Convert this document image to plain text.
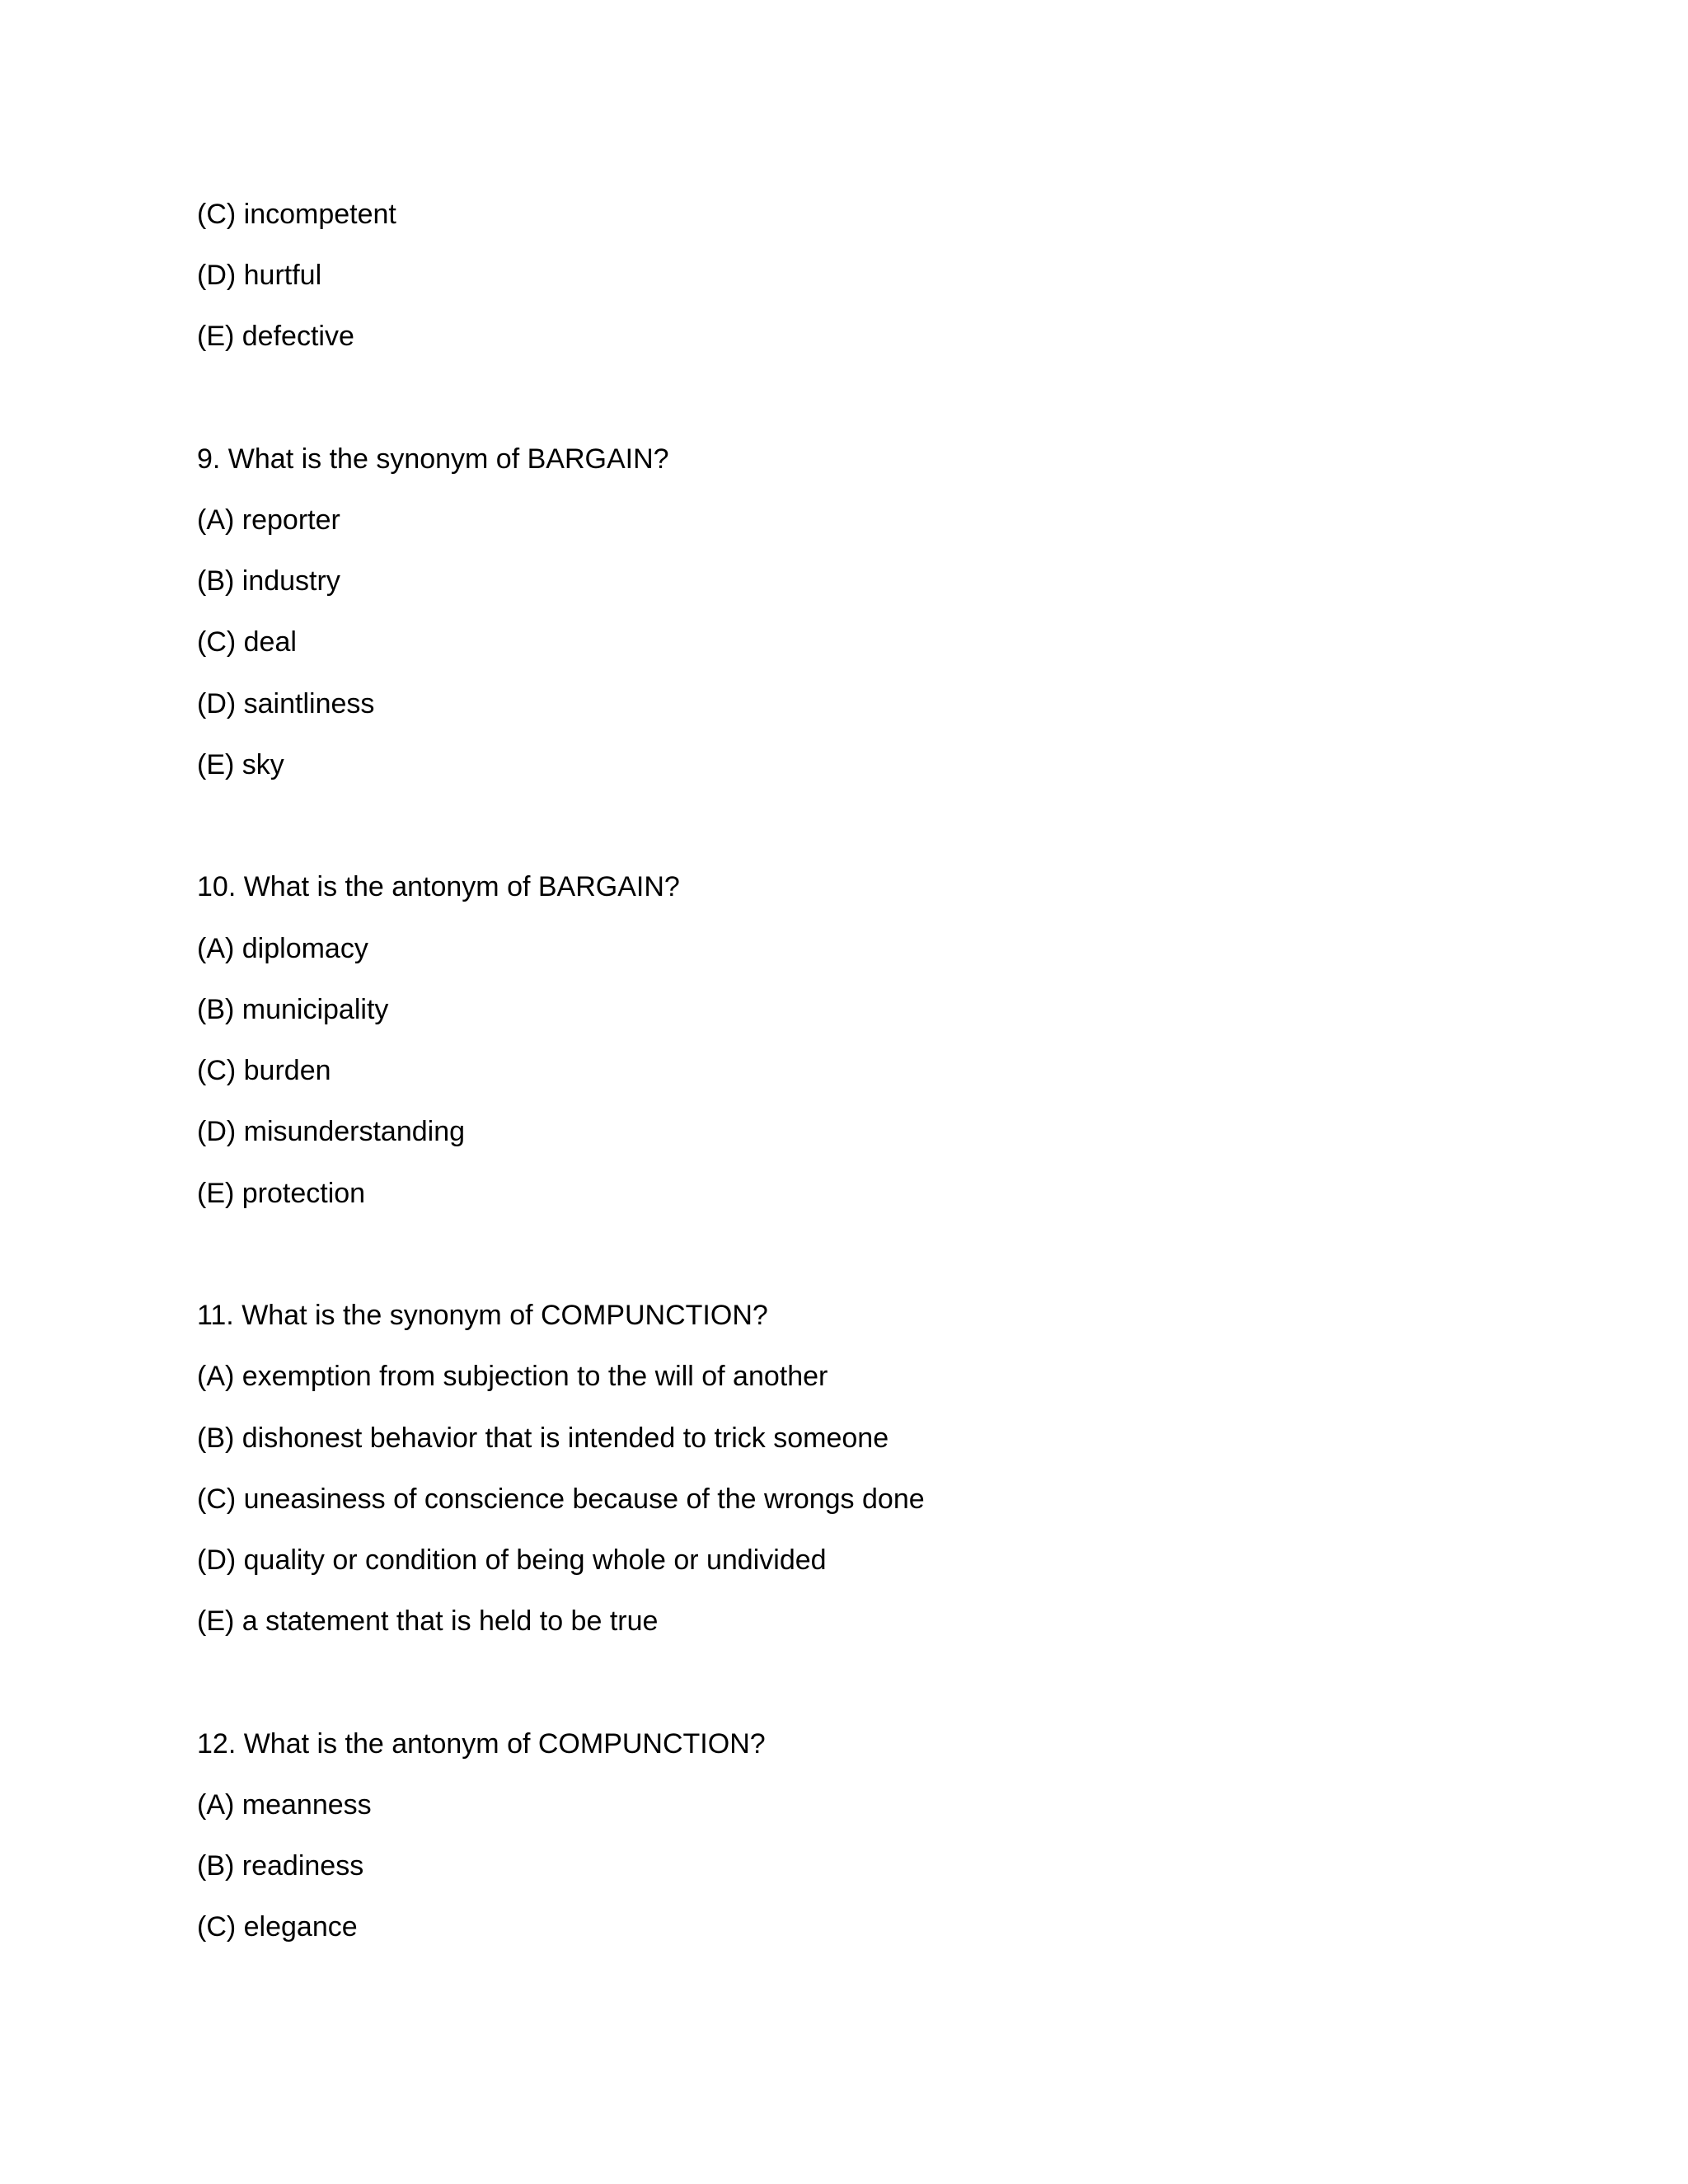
(C) incompetent

(D) hurtful

(E) defective

9. What is the synonym of BARGAIN?

(A) reporter

(B) industry

(C) deal

(D) saintliness

(E) sky

10. What is the antonym of BARGAIN?

(A) diplomacy

(B) municipality

(C) burden

(D) misunderstanding

(E) protection

11. What is the synonym of COMPUNCTION?

(A) exemption from subjection to the will of another

(B) dishonest behavior that is intended to trick someone

(C) uneasiness of conscience because of the wrongs done

(D) quality or condition of being whole or undivided

(E) a statement that is held to be true

12. What is the antonym of COMPUNCTION?

(A) meanness

(B) readiness

(C) elegance
